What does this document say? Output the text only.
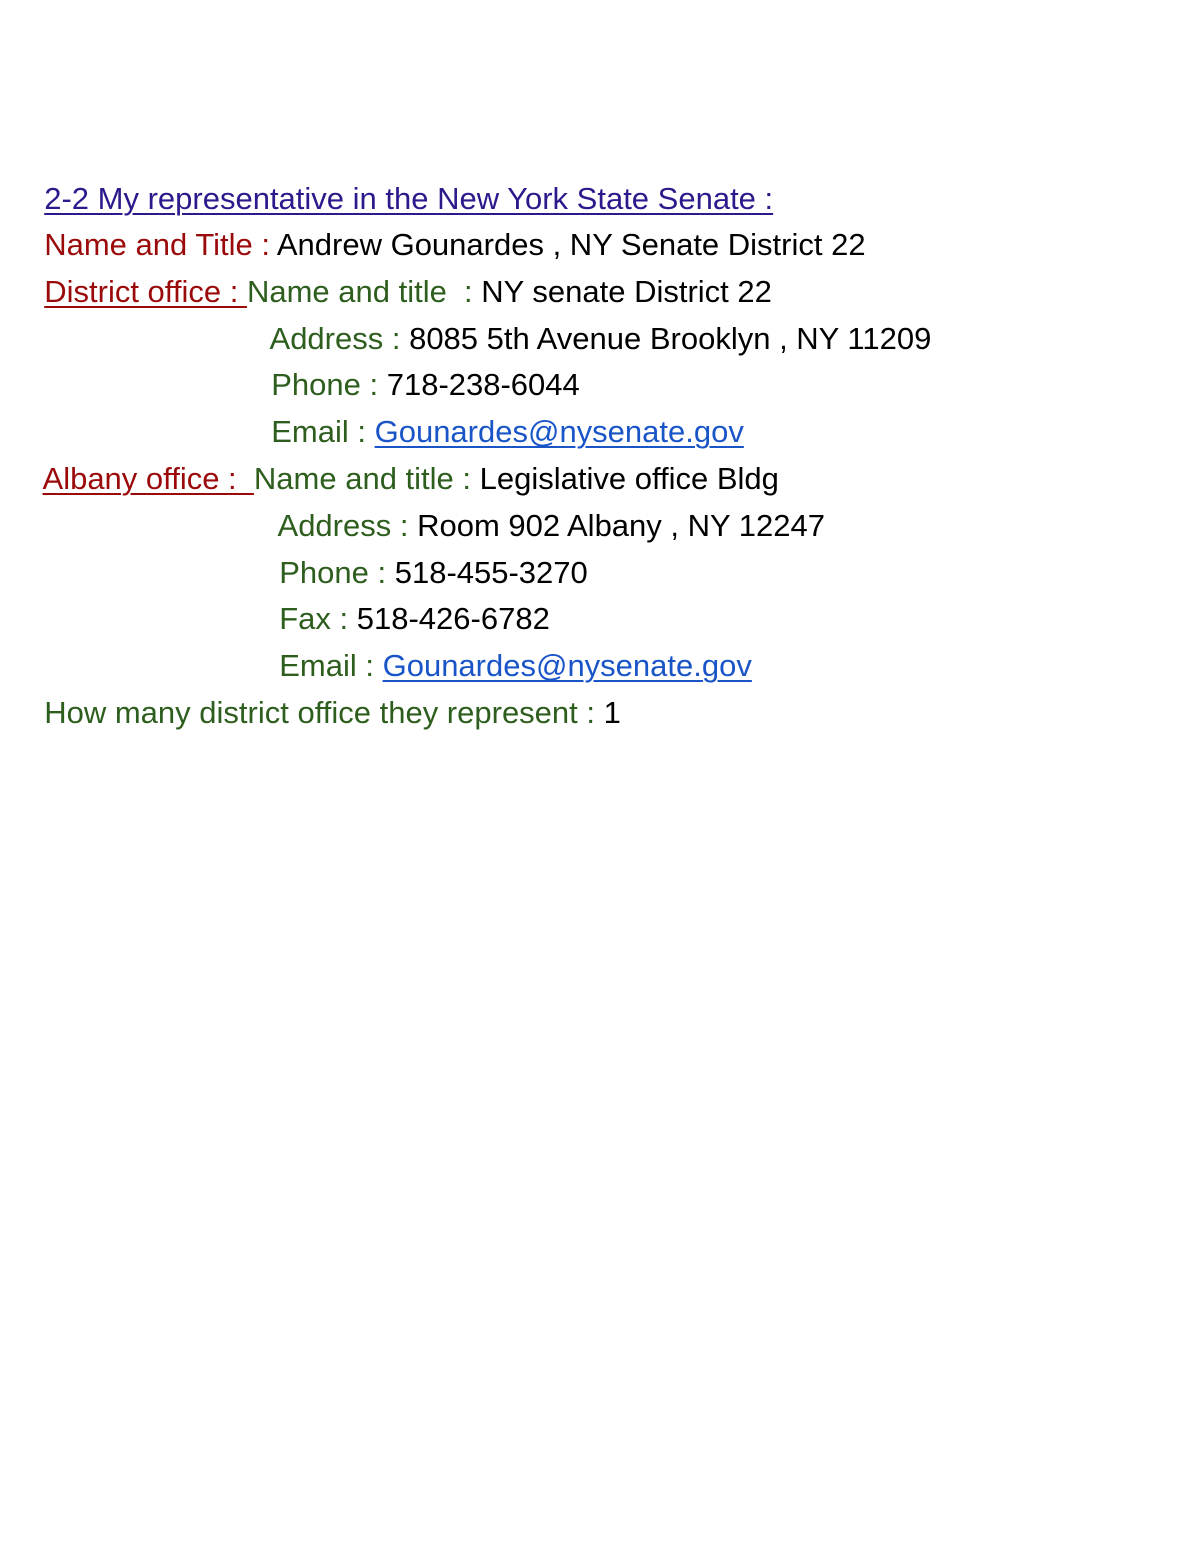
2-2 My representative in the New York State Senate :

Name and Title : Andrew Gounardes , NY Senate District 22

District office : Name and title  : NY senate District 22

Address : 8085 5th Avenue Brooklyn , NY 11209

Phone : 718-238-6044

Email : Gounardes@nysenate.gov

Albany office :  Name and title : Legislative office Bldg

Address : Room 902 Albany , NY 12247

Phone : 518-455-3270

Fax : 518-426-6782

Email : Gounardes@nysenate.gov

How many district office they represent : 1
